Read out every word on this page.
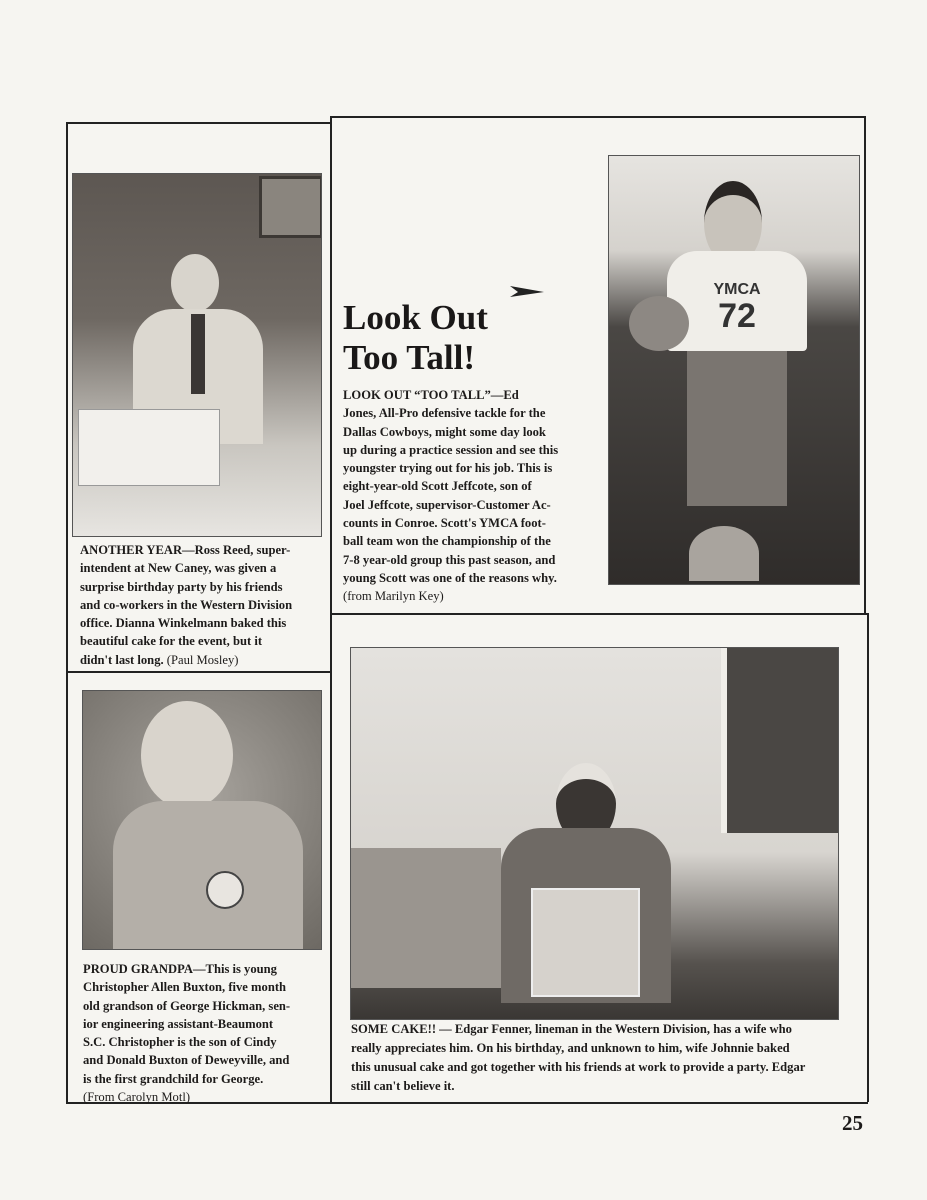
ANOTHER YEAR—Ross Reed, super-
intendent at New Caney, was given a
surprise birthday party by his friends
and co-workers in the Western Division
office. Dianna Winkelmann baked this
beautiful cake for the event, but it
didn't last long. (Paul Mosley)
Look Out
Too Tall!
LOOK OUT “TOO TALL”—Ed
Jones, All-Pro defensive tackle for the
Dallas Cowboys, might some day look
up during a practice session and see this
youngster trying out for his job. This is
eight-year-old Scott Jeffcote, son of
Joel Jeffcote, supervisor-Customer Ac-
counts in Conroe. Scott's YMCA foot-
ball team won the championship of the
7-8 year-old group this past season, and
young Scott was one of the reasons why.
(from Marilyn Key)
YMCA
72
PROUD GRANDPA—This is young
Christopher Allen Buxton, five month
old grandson of George Hickman, sen-
ior engineering assistant-Beaumont
S.C. Christopher is the son of Cindy
and Donald Buxton of Deweyville, and
is the first grandchild for George.
(From Carolyn Motl)
SOME CAKE!! — Edgar Fenner, lineman in the Western Division, has a wife who
really appreciates him. On his birthday, and unknown to him, wife Johnnie baked
this unusual cake and got together with his friends at work to provide a party. Edgar
still can't believe it.
25
